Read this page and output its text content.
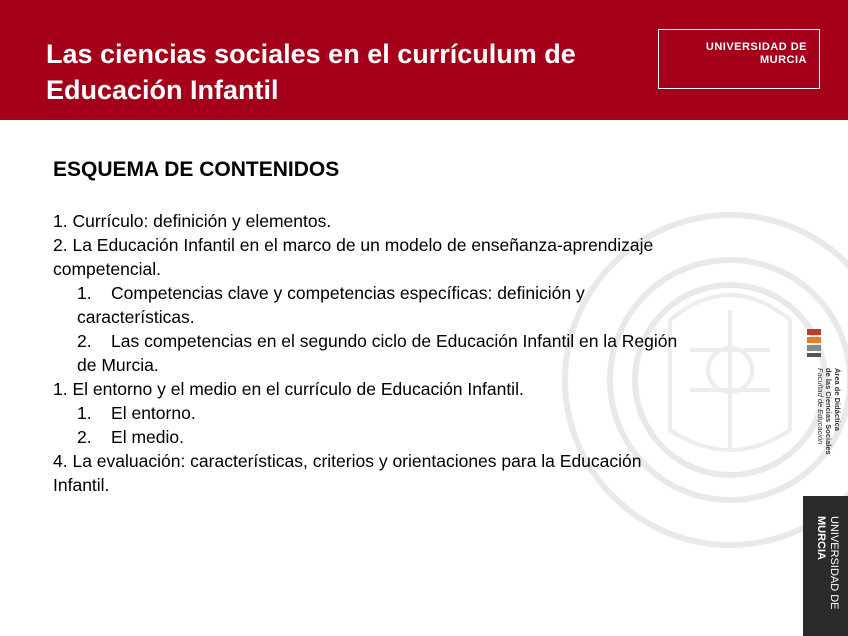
Las ciencias sociales en el currículum de
Educación Infantil
UNIVERSIDAD DE
MURCIA
ESQUEMA DE CONTENIDOS
1. Currículo: definición y elementos.
2. La Educación Infantil en el marco de un modelo de enseñanza-aprendizaje
competencial.
1.    Competencias clave y competencias específicas: definición y
características.
2.    Las competencias en el segundo ciclo de Educación Infantil en la Región
de Murcia.
1. El entorno y el medio en el currículo de Educación Infantil.
1.    El entorno.
2.    El medio.
4. La evaluación: características, criterios y orientaciones para la Educación
Infantil.
Área de Didáctica
de las Ciencias Sociales
Facultad de Educación
UNIVERSIDAD DE
MURCIA
